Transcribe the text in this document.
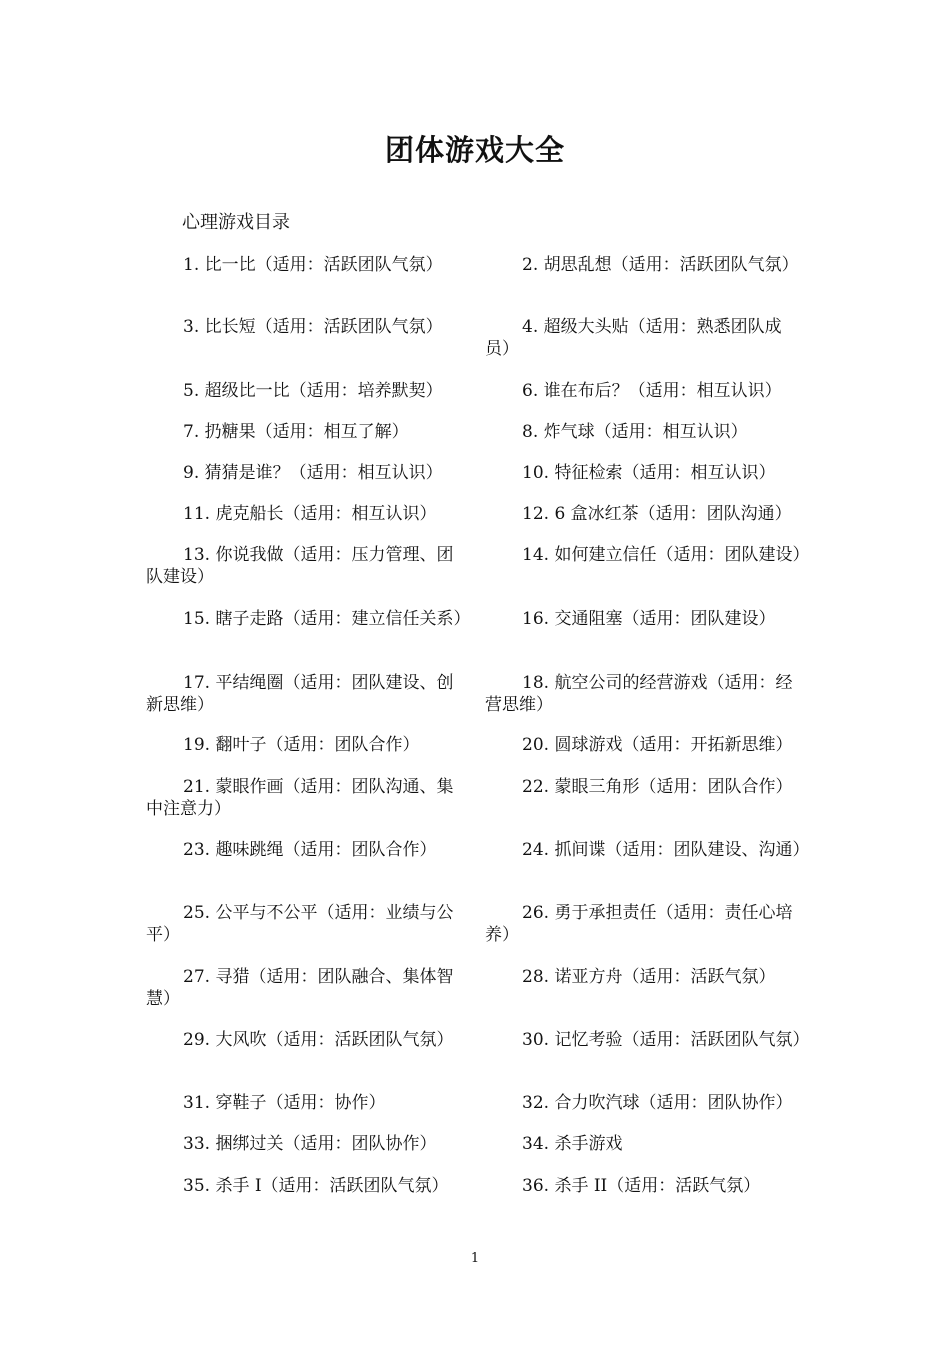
团体游戏大全
心理游戏目录
1. 比一比（适用：活跃团队气氛）
3. 比长短（适用：活跃团队气氛）
5. 超级比一比（适用：培养默契）
7. 扔糖果（适用：相互了解）
9. 猜猜是谁？（适用：相互认识）
11. 虎克船长（适用：相互认识）
13. 你说我做（适用：压力管理、团队建设）
15. 瞎子走路（适用：建立信任关系）
17. 平结绳圈（适用：团队建设、创新思维）
19. 翻叶子（适用：团队合作）
21. 蒙眼作画（适用：团队沟通、集中注意力）
23. 趣味跳绳（适用：团队合作）
25. 公平与不公平（适用：业绩与公平）
27. 寻猎（适用：团队融合、集体智慧）
29. 大风吹（适用：活跃团队气氛）
31. 穿鞋子（适用：协作）
33. 捆绑过关（适用：团队协作）
35. 杀手 I（适用：活跃团队气氛）
2. 胡思乱想（适用：活跃团队气氛）
4. 超级大头贴（适用：熟悉团队成员）
6. 谁在布后？（适用：相互认识）
8. 炸气球（适用：相互认识）
10. 特征检索（适用：相互认识）
12. 6 盒冰红茶（适用：团队沟通）
14. 如何建立信任（适用：团队建设）
16. 交通阻塞（适用：团队建设）
18. 航空公司的经营游戏（适用：经营思维）
20. 圆球游戏（适用：开拓新思维）
22. 蒙眼三角形（适用：团队合作）
24. 抓间谍（适用：团队建设、沟通）
26. 勇于承担责任（适用：责任心培养）
28. 诺亚方舟（适用：活跃气氛）
30. 记忆考验（适用：活跃团队气氛）
32. 合力吹汽球（适用：团队协作）
34. 杀手游戏
36. 杀手 II（适用：活跃气氛）
1
